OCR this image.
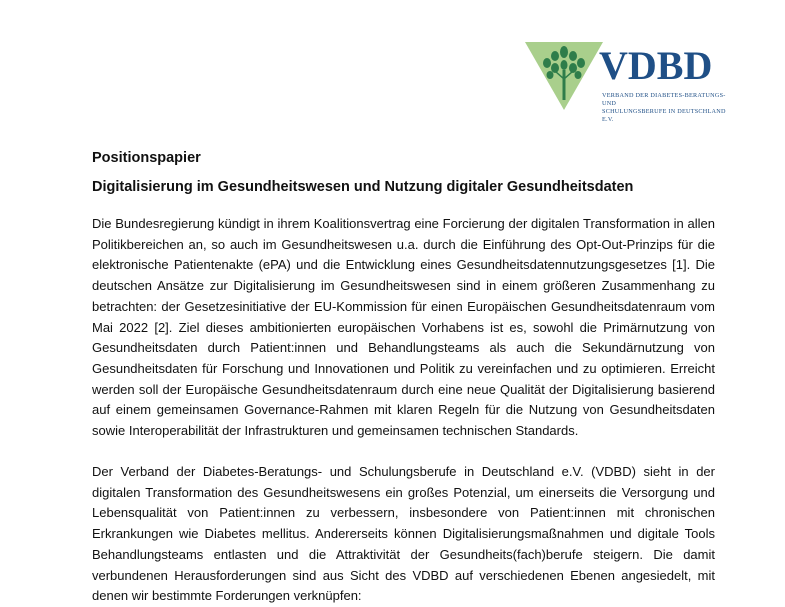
VDBD
VERBAND DER DIABETES-BERATUNGS- UND
SCHULUNGSBERUFE IN DEUTSCHLAND E.V.
Positionspapier
Digitalisierung im Gesundheitswesen und Nutzung digitaler Gesundheitsdaten

Die Bundesregierung kündigt in ihrem Koalitionsvertrag eine Forcierung der digitalen Transformation in allen Politikbereichen an, so auch im Gesundheitswesen u.a. durch die Einführung des Opt-Out-Prinzips für die elektronische Patientenakte (ePA) und die Entwicklung eines Gesundheitsdatennutzungsgesetzes [1]. Die deutschen Ansätze zur Digitalisierung im Gesundheitswesen sind in einem größeren Zusammenhang zu betrachten: der Gesetzesinitiative der EU-Kommission für einen Europäischen Gesundheitsdatenraum vom Mai 2022 [2]. Ziel dieses ambitionierten europäischen Vorhabens ist es, sowohl die Primärnutzung von Gesundheitsdaten durch Patient:innen und Behandlungsteams als auch die Sekundärnutzung von Gesundheitsdaten für Forschung und Innovationen und Politik zu vereinfachen und zu optimieren. Erreicht werden soll der Europäische Gesundheitsdatenraum durch eine neue Qualität der Digitalisierung basierend auf einem gemeinsamen Governance-Rahmen mit klaren Regeln für die Nutzung von Gesundheitsdaten sowie Interoperabilität der Infrastrukturen und gemeinsamen technischen Standards.

Der Verband der Diabetes-Beratungs- und Schulungsberufe in Deutschland e.V. (VDBD) sieht in der digitalen Transformation des Gesundheitswesens ein großes Potenzial, um einerseits die Versorgung und Lebensqualität von Patient:innen zu verbessern, insbesondere von Patient:innen mit chronischen Erkrankungen wie Diabetes mellitus. Andererseits können Digitalisierungsmaßnahmen und digitale Tools Behandlungsteams entlasten und die Attraktivität der Gesundheits(fach)berufe steigern. Die damit verbundenen Herausforderungen sind aus Sicht des VDBD auf verschiedenen Ebenen angesiedelt, mit denen wir bestimmte Forderungen verknüpfen:
